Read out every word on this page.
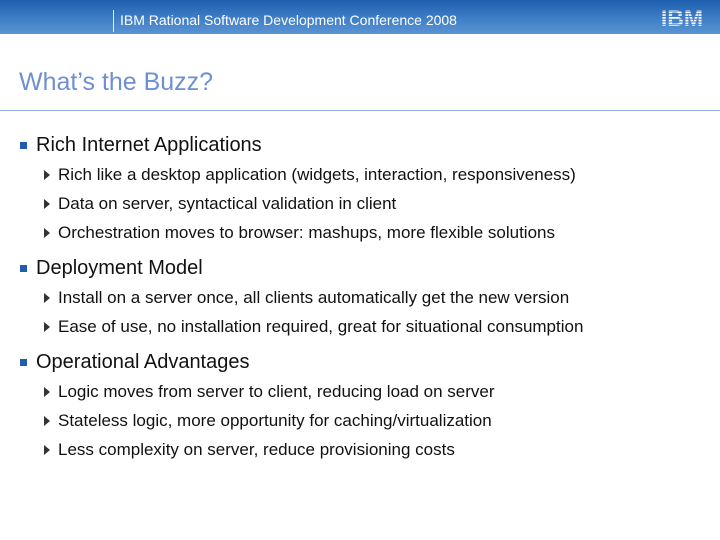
IBM Rational Software Development Conference 2008	IBM
What’s the Buzz?
Rich Internet Applications
Rich like a desktop application (widgets, interaction, responsiveness)
Data on server, syntactical validation in client
Orchestration moves to browser: mashups, more flexible solutions
Deployment Model
Install on a server once, all clients automatically get the new version
Ease of use, no installation required, great for situational consumption
Operational Advantages
Logic moves from server to client, reducing load on server
Stateless logic, more opportunity for caching/virtualization
Less complexity on server, reduce provisioning costs
